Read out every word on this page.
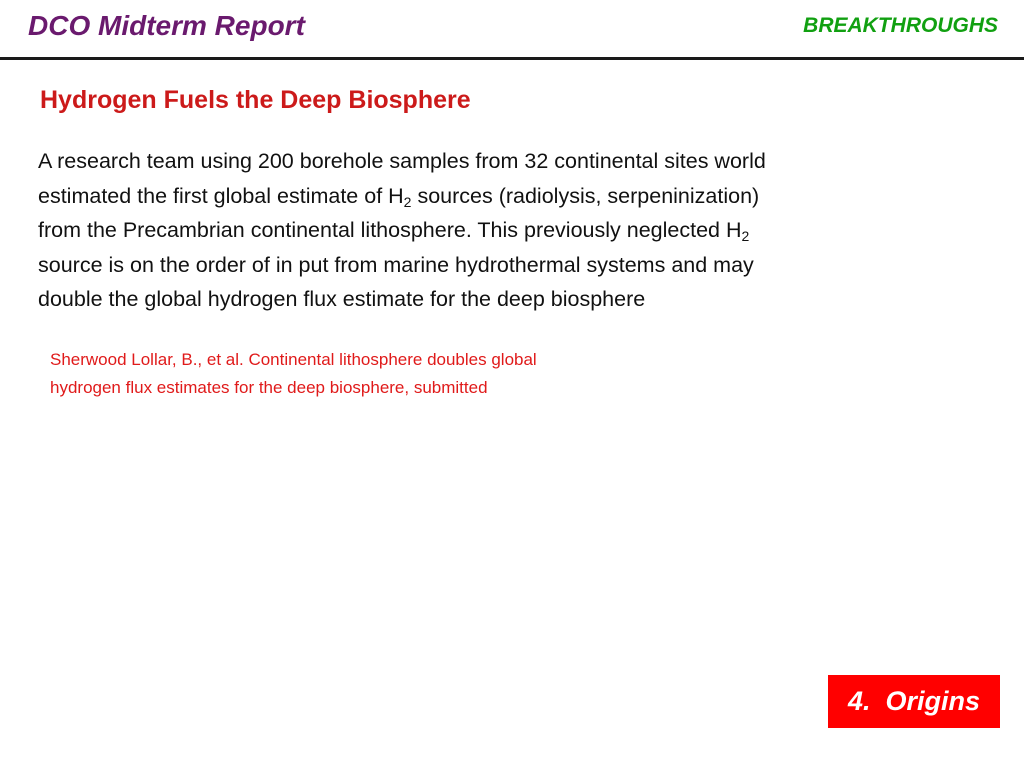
DCO Midterm Report	BREAKTHROUGHS
Hydrogen Fuels the Deep Biosphere
A research team using 200 borehole samples from 32 continental sites world
estimated the first global estimate of $H_2$ sources (radiolysis, serpeninization)
from the Precambrian continental lithosphere. This previously neglected $H_2$
source is on the order of in put from marine hydrothermal systems and may
double the global hydrogen flux estimate for the deep biosphere
Sherwood Lollar, B., et al. Continental lithosphere doubles global
hydrogen flux estimates for the deep biosphere, submitted
4.  Origins
